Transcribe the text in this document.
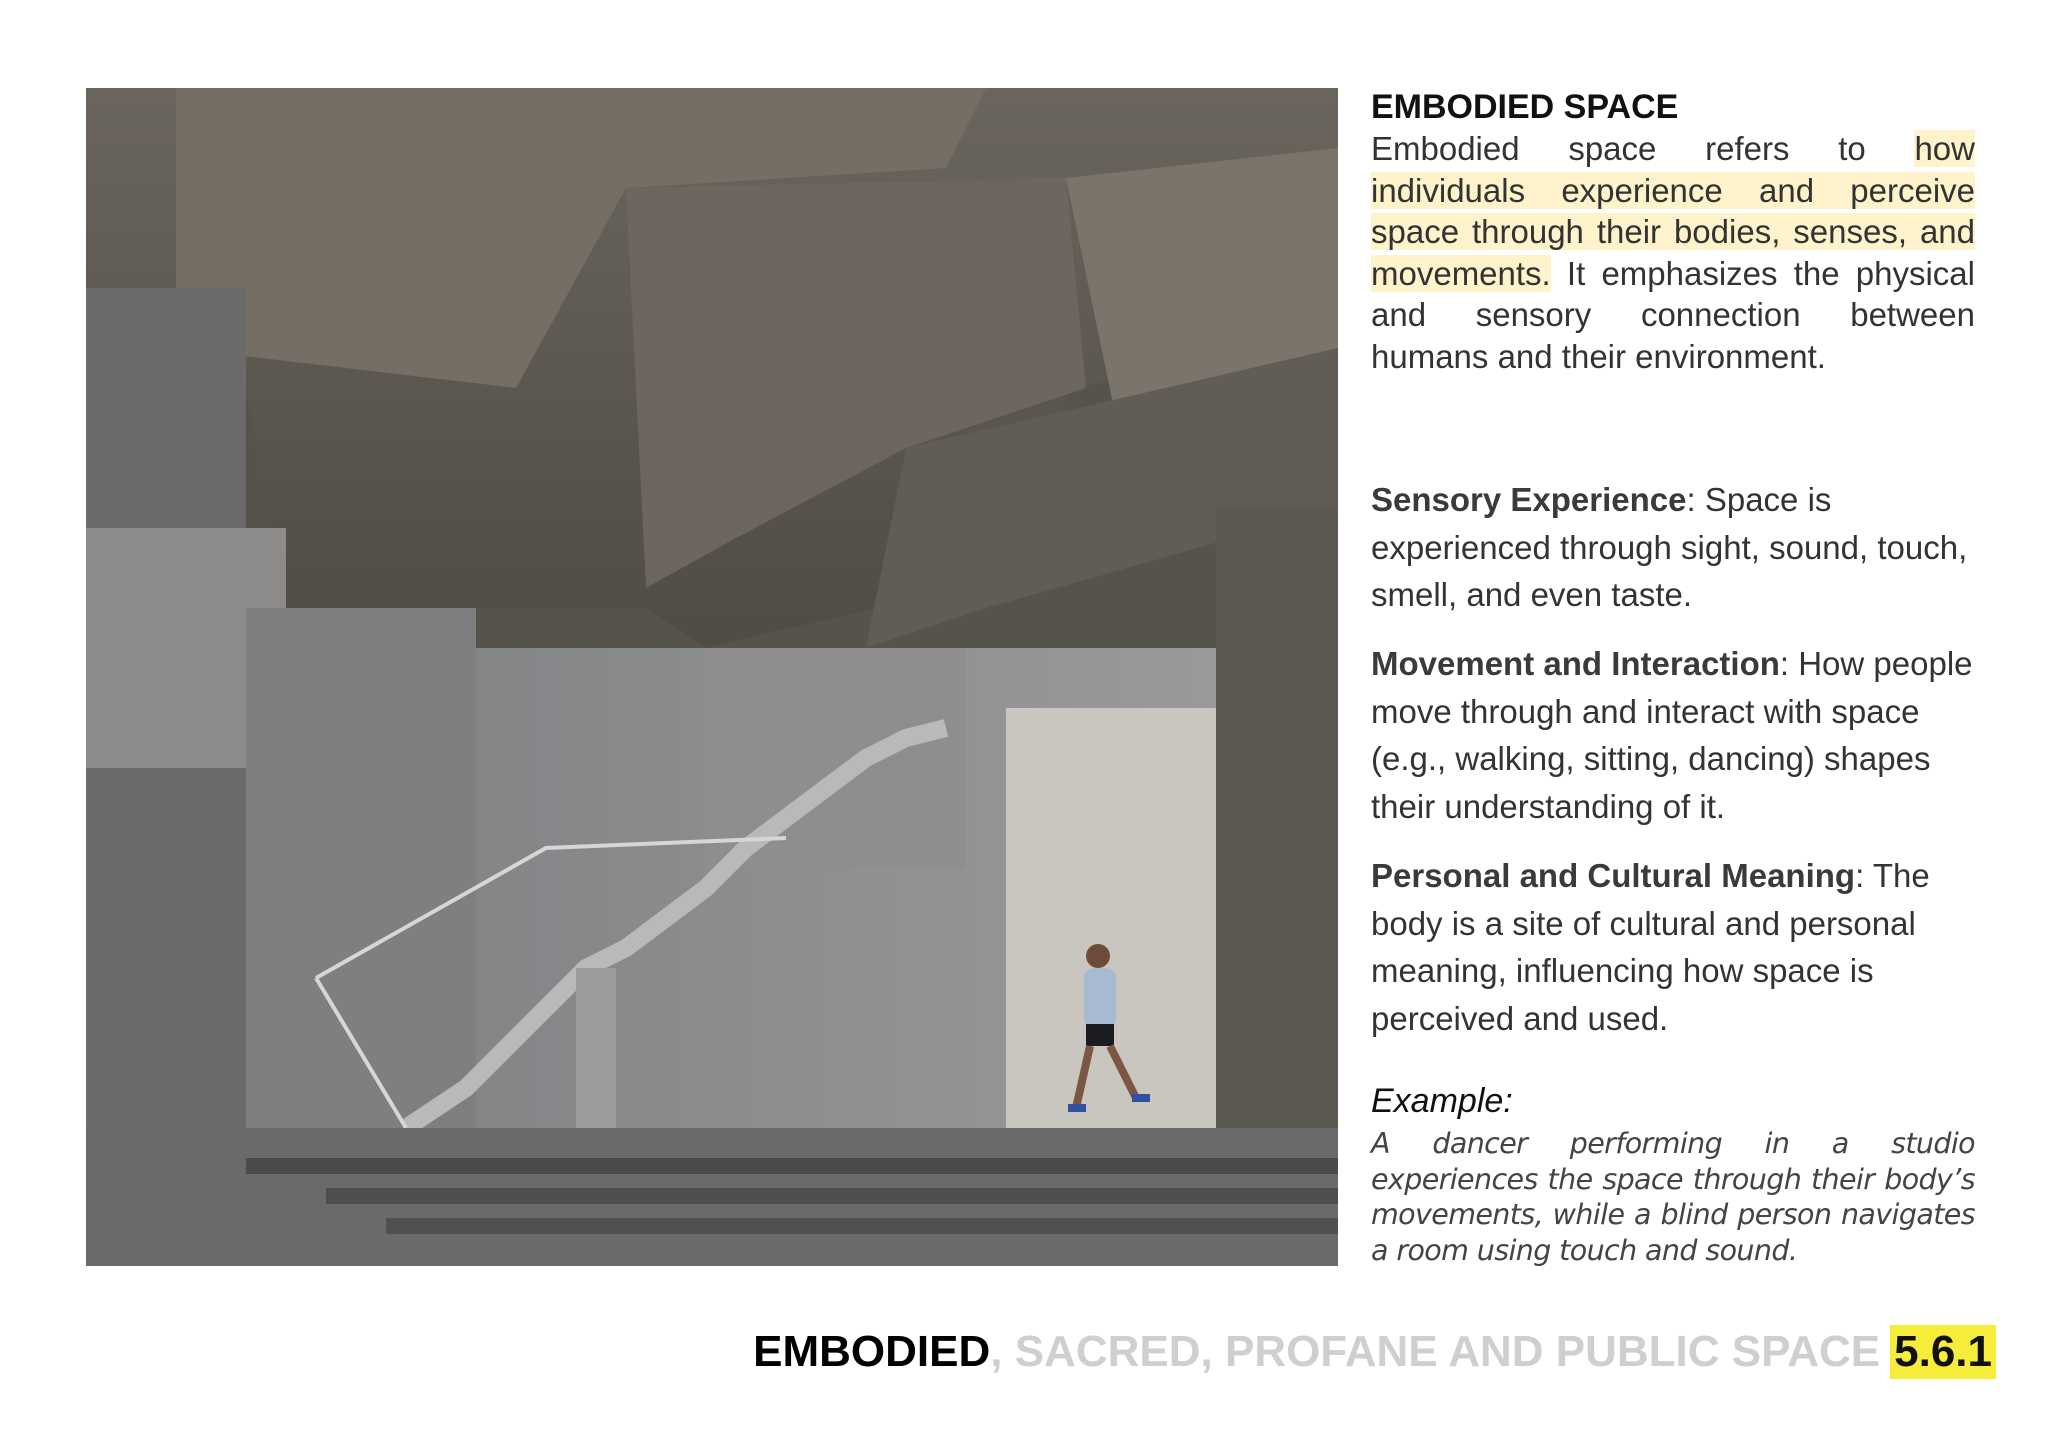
EMBODIED SPACE

Embodied space refers to how individuals experience and perceive space through their bodies, senses, and movements. It emphasizes the physical and sensory connection between humans and their environment.

Sensory Experience: Space is experienced through sight, sound, touch, smell, and even taste.

Movement and Interaction: How people move through and interact with space (e.g., walking, sitting, dancing) shapes their understanding of it.

Personal and Cultural Meaning: The body is a site of cultural and personal meaning, influencing how space is perceived and used.

Example:
A dancer performing in a studio experiences the space through their body’s movements, while a blind person navigates a room using touch and sound.
EMBODIED , SACRED, PROFANE AND PUBLIC SPACE 5.6.1
